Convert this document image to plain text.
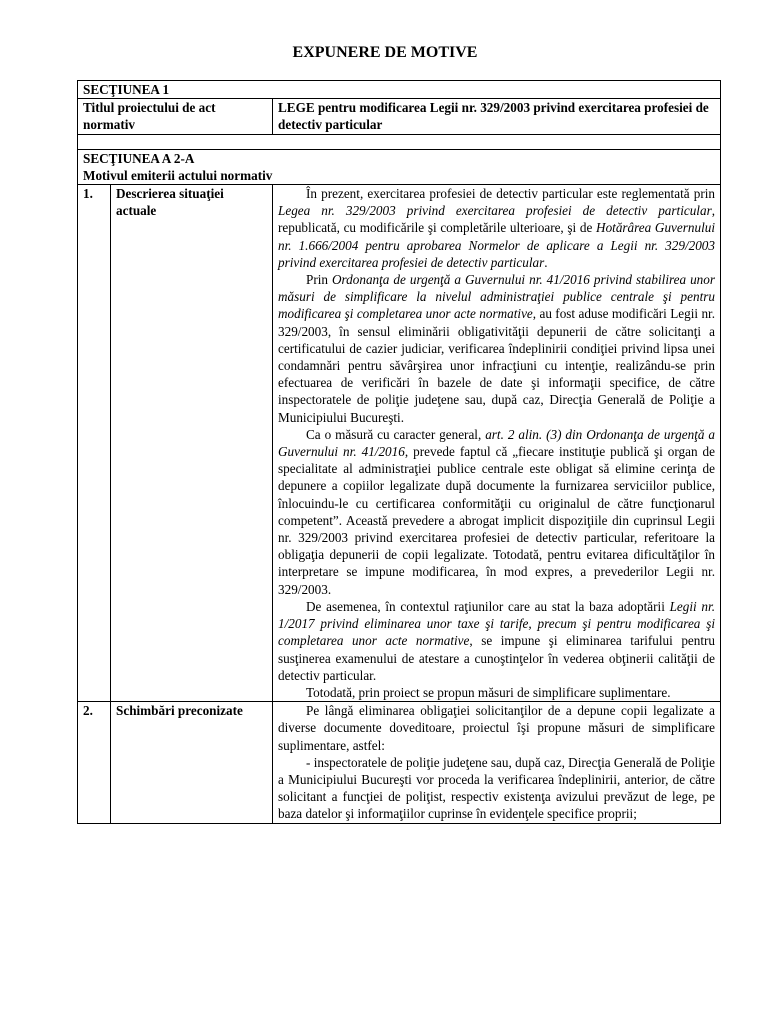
EXPUNERE DE MOTIVE
SECŢIUNEA 1		
Titlul proiectului de act normativ		LEGE pentru modificarea Legii nr. 329/2003 privind exercitarea profesiei de detectiv particular

SECŢIUNEA A 2-A
Motivul emiterii actului normativ		

1.	Descrierea situaţiei actuale	În prezent, exercitarea profesiei de detectiv particular este reglementată prin Legea nr. 329/2003 privind exercitarea profesiei de detectiv particular, republicată, cu modificările şi completările ulterioare, şi de Hotărârea Guvernului nr. 1.666/2004 pentru aprobarea Normelor de aplicare a Legii nr. 329/2003 privind exercitarea profesiei de detectiv particular.

Prin Ordonanţa de urgenţă a Guvernului nr. 41/2016 privind stabilirea unor măsuri de simplificare la nivelul administraţiei publice centrale şi pentru modificarea şi completarea unor acte normative, au fost aduse modificări Legii nr. 329/2003, în sensul eliminării obligativităţii depunerii de către solicitanţi a certificatului de cazier judiciar, verificarea îndeplinirii condiţiei privind lipsa unei condamnări pentru săvârşirea unor infracţiuni cu intenţie, realizându-se prin efectuarea de verificări în bazele de date şi informaţii specifice, de către inspectoratele de poliţie judeţene sau, după caz, Direcţia Generală de Poliţie a Municipiului Bucureşti.

Ca o măsură cu caracter general, art. 2 alin. (3) din Ordonanţa de urgenţă a Guvernului nr. 41/2016, prevede faptul că „fiecare instituţie publică şi organ de specialitate al administraţiei publice centrale este obligat să elimine cerinţa de depunere a copiilor legalizate după documente la furnizarea serviciilor publice, înlocuindu-le cu certificarea conformităţii cu originalul de către funcţionarul competent”. Această prevedere a abrogat implicit dispoziţiile din cuprinsul Legii nr. 329/2003 privind exercitarea profesiei de detectiv particular, referitoare la obligaţia depunerii de copii legalizate. Totodată, pentru evitarea dificultăţilor în interpretare se impune modificarea, în mod expres, a prevederilor Legii nr. 329/2003.

De asemenea, în contextul raţiunilor care au stat la baza adoptării Legii nr. 1/2017 privind eliminarea unor taxe şi tarife, precum şi pentru modificarea şi completarea unor acte normative, se impune şi eliminarea tarifului pentru susţinerea examenului de atestare a cunoştinţelor în vederea obţinerii calităţii de detectiv particular.

Totodată, prin proiect se propun măsuri de simplificare suplimentare.

2.	Schimbări preconizate	Pe lângă eliminarea obligaţiei solicitanţilor de a depune copii legalizate a diverse documente doveditoare, proiectul îşi propune măsuri de simplificare suplimentare, astfel:

- inspectoratele de poliţie judeţene sau, după caz, Direcţia Generală de Poliţie a Municipiului Bucureşti vor proceda la verificarea îndeplinirii, anterior, de către solicitant a funcţiei de poliţist, respectiv existenţa avizului prevăzut de lege, pe baza datelor şi informaţiilor cuprinse în evidenţele specifice proprii;
